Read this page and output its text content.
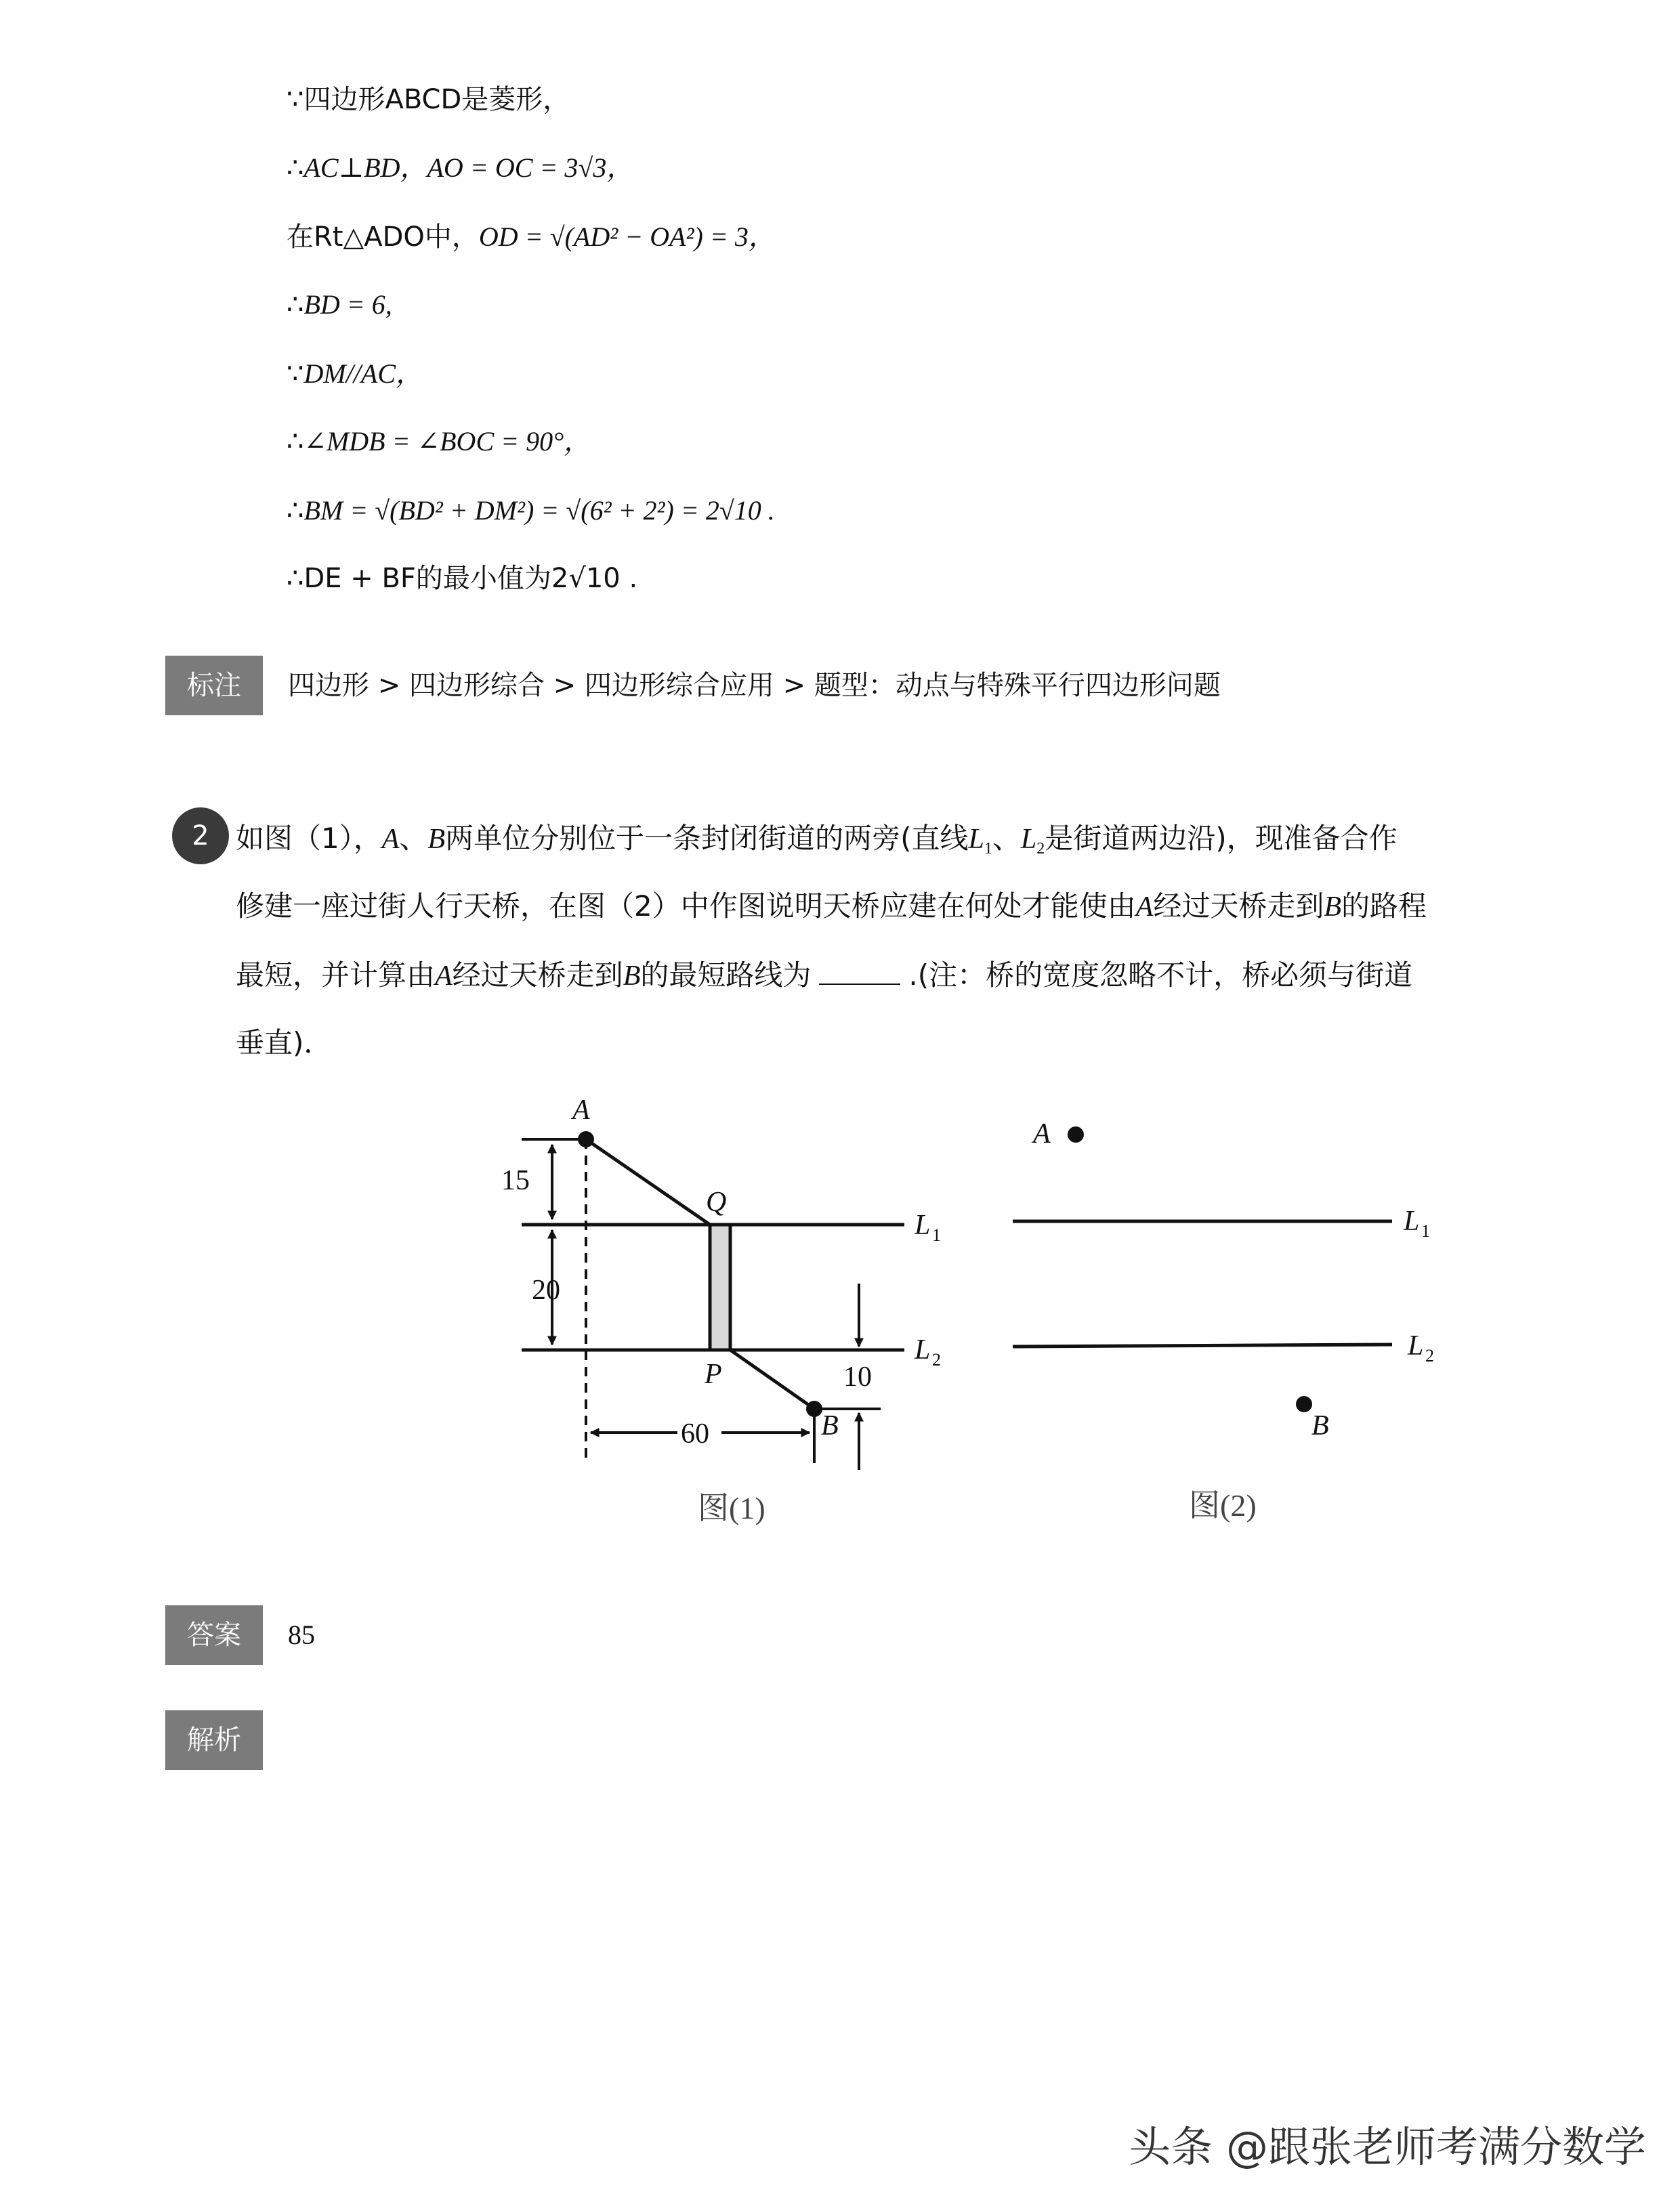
∵四边形ABCD是菱形，
∴AC⊥BD，AO = OC = 3√3，
在Rt△ADO中，OD = √(AD² − OA²) = 3，
∴BD = 6,
∵DM//AC，
∴∠MDB = ∠BOC = 90°，
∴BM = √(BD² + DM²) = √(6² + 2²) = 2√10 .
∴DE + BF的最小值为2√10 .
标注	四边形 > 四边形综合 > 四边形综合应用 > 题型：动点与特殊平行四边形问题
2 如图（1），A、B两单位分别位于一条封闭街道的两旁(直线$L_1$、$L_2$是街道两边沿)，现准备合作
修建一座过街人行天桥，在图（2）中作图说明天桥应建在何处才能使由A经过天桥走到B的路程
最短，并计算由A经过天桥走到B的最短路线为	.(注：桥的宽度忽略不计，桥必须与街道
垂直)．
A
Q
P
B
L 1
L 2
15
20
60
10
图(1)
A
B
L 1
L 2
图(2)
答案	85
解析
头条 @跟张老师考满分数学
